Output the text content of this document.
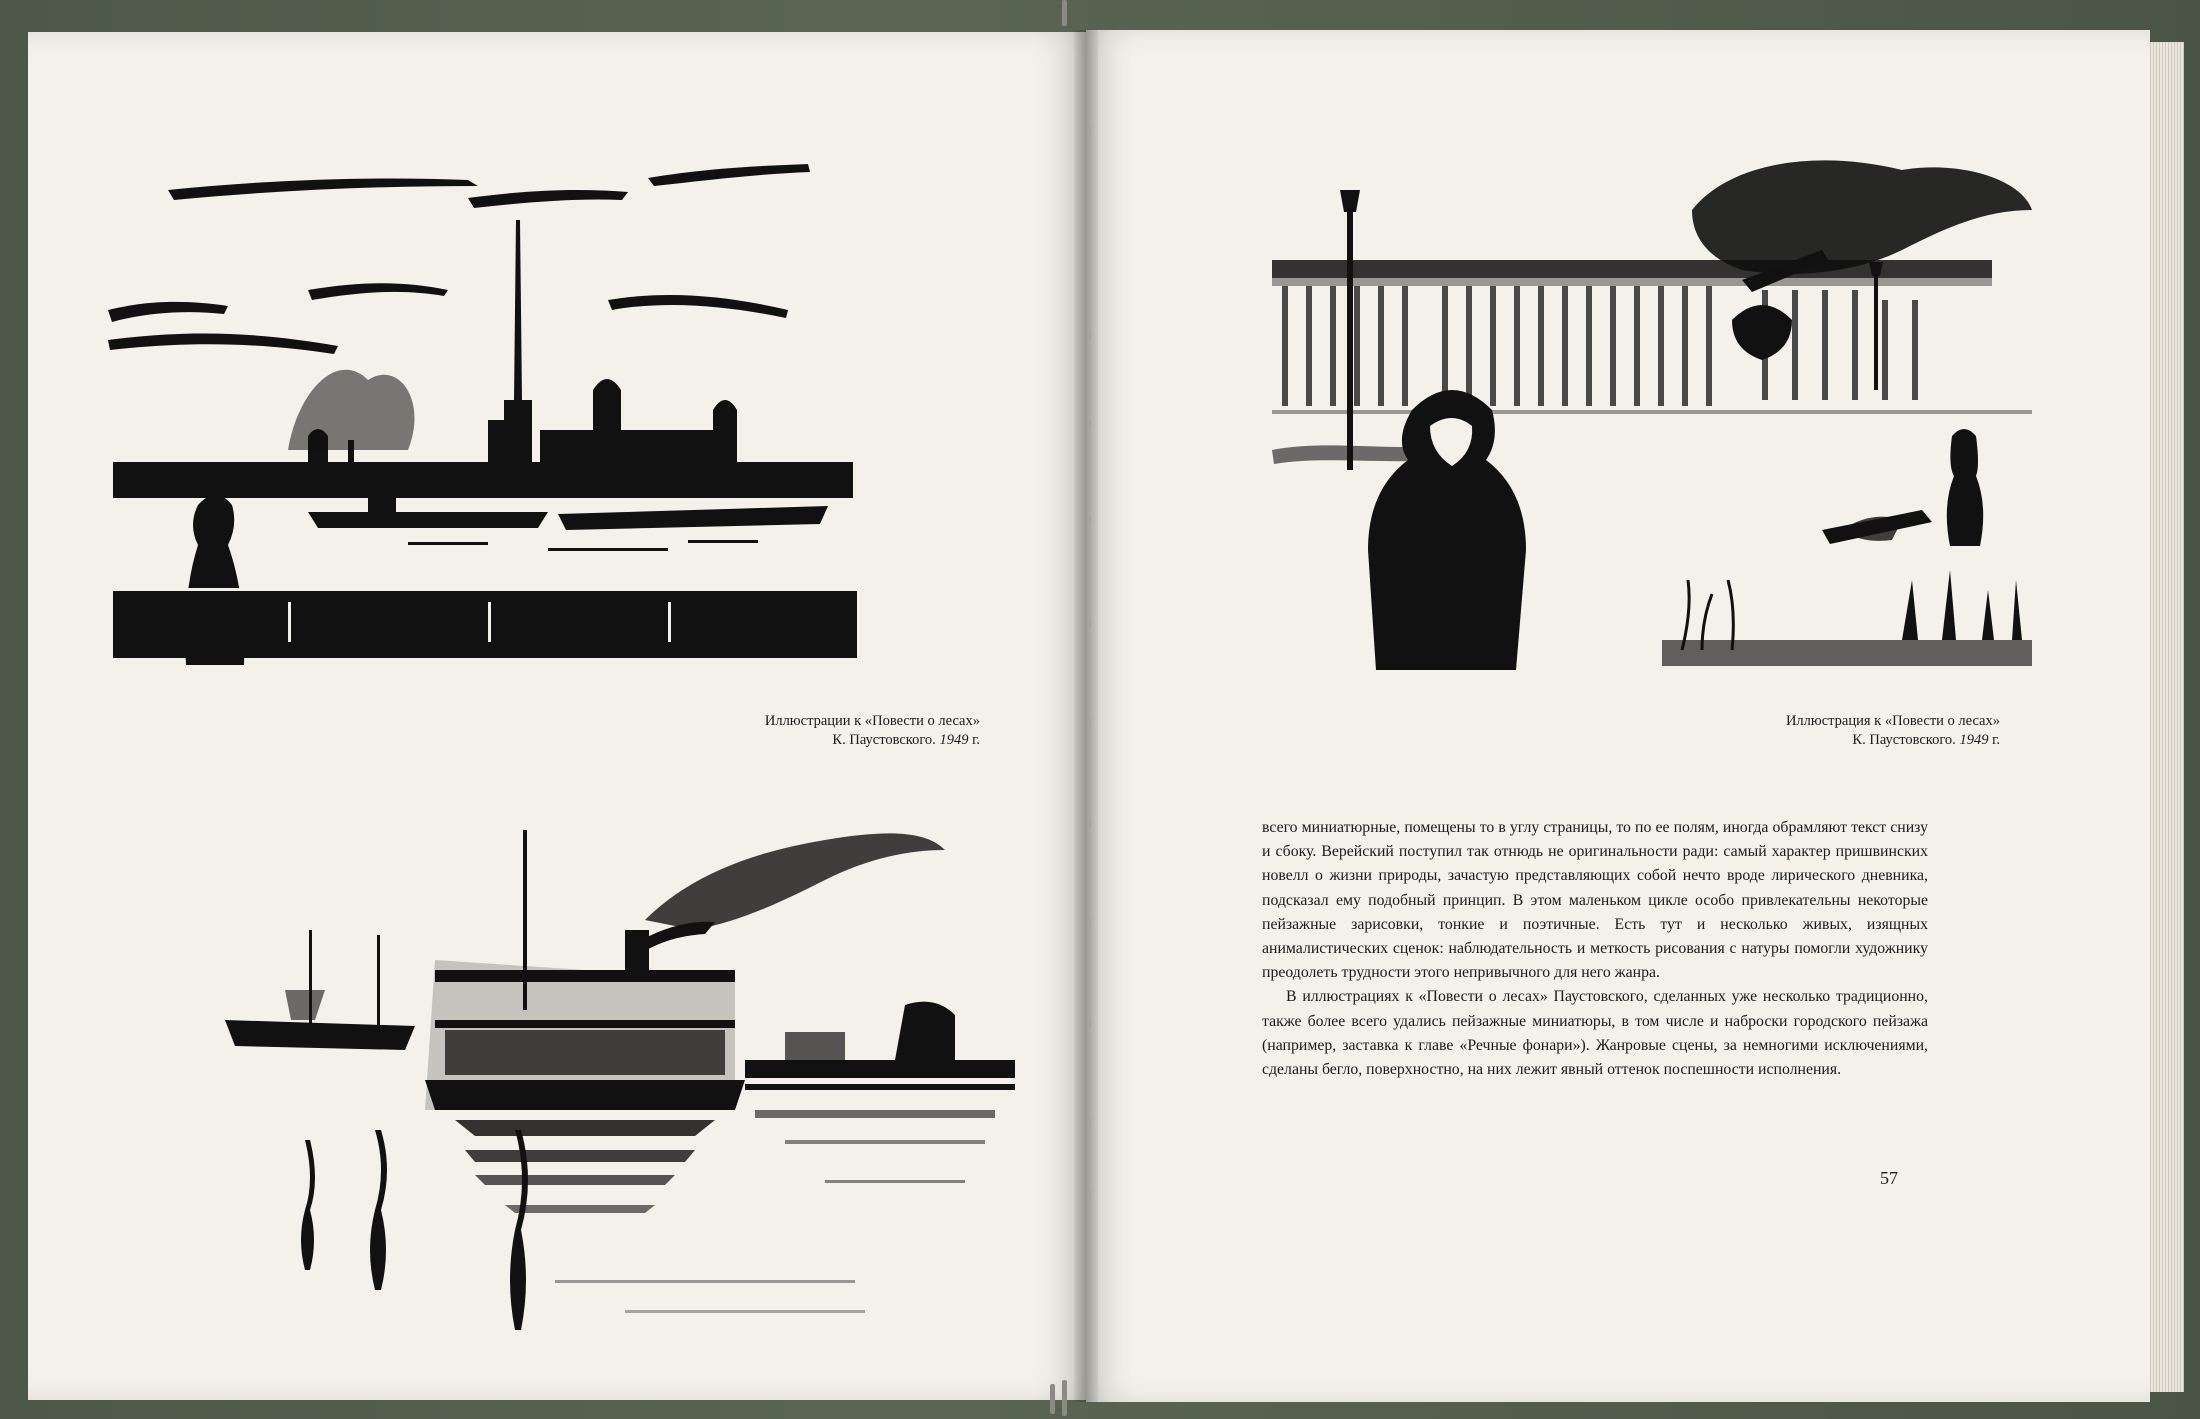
Иллюстрации к «Повести о лесах»
К. Паустовского. 1949 г.
Иллюстрация к «Повести о лесах»
К. Паустовского. 1949 г.

всего миниатюрные, помещены то в углу страницы, то по ее полям, иногда обрамляют текст снизу и сбоку. Верейский поступил так отнюдь не оригинальности ради: самый характер пришвинских новелл о жизни природы, зачастую представляющих собой нечто вроде лирического дневника, подсказал ему подобный принцип. В этом маленьком цикле особо привлекательны некоторые пейзажные зарисовки, тонкие и поэтичные. Есть тут и несколько живых, изящных анималистических сценок: наблюдательность и меткость рисования с натуры помогли художнику преодолеть трудности этого непривычного для него жанра.

В иллюстрациях к «Повести о лесах» Паустовского, сделанных уже несколько традиционно, также более всего удались пейзажные миниатюры, в том числе и наброски городского пейзажа (например, заставка к главе «Речные фонари»). Жанровые сцены, за немногими исключениями, сделаны бегло, поверхностно, на них лежит явный оттенок поспешности исполнения.

57
